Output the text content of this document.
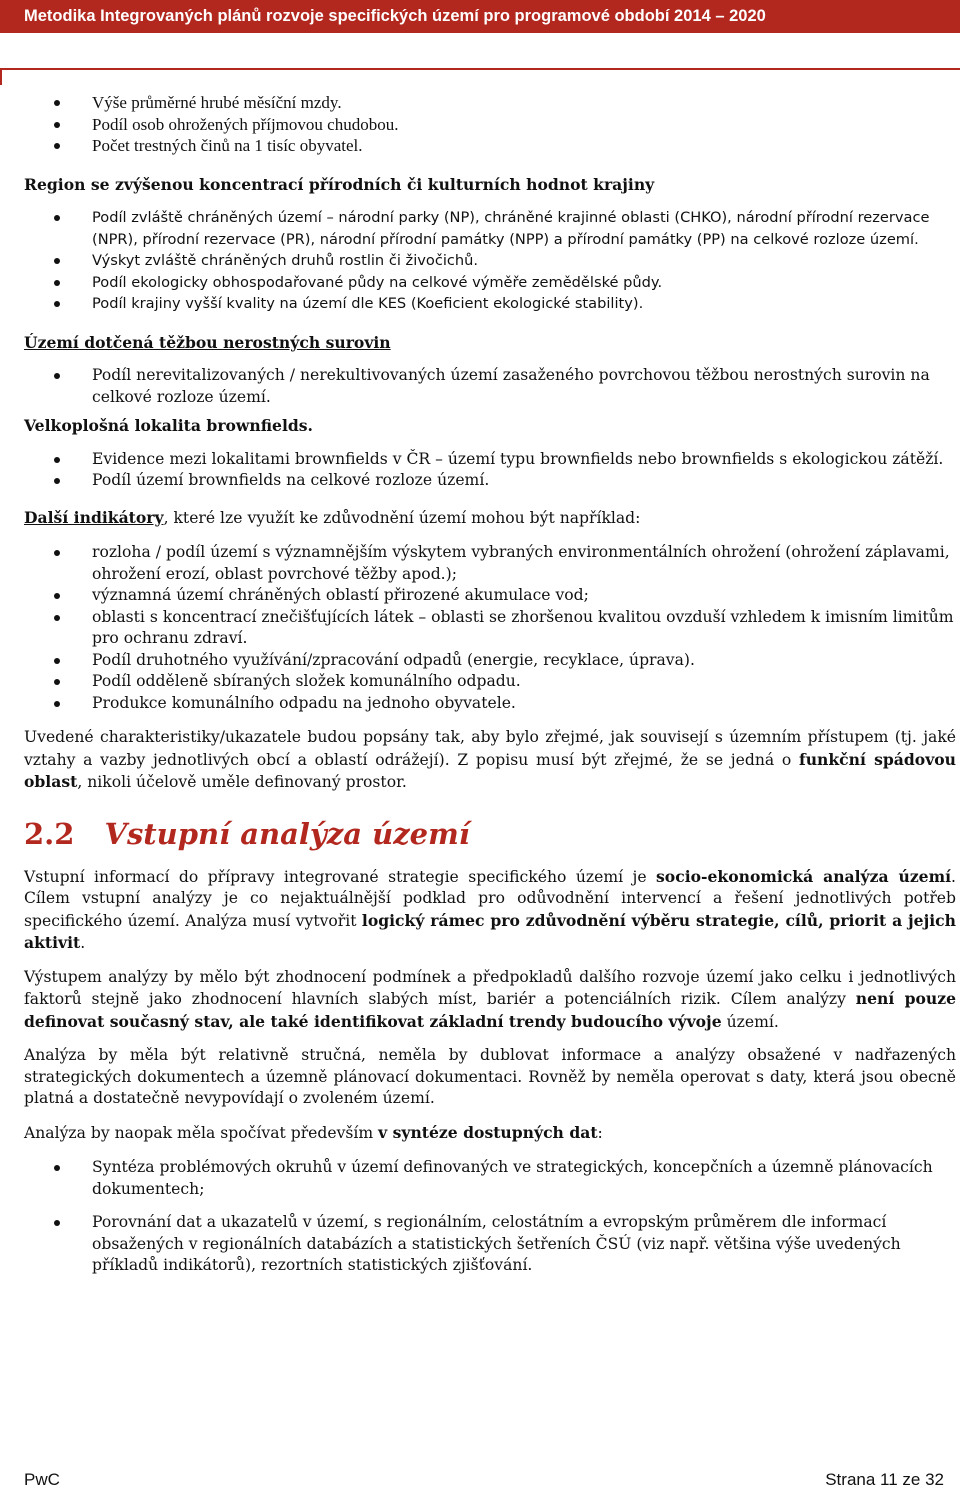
Metodika Integrovaných plánů rozvoje specifických území pro programové období 2014 – 2020
Výše průměrné hrubé měsíční mzdy.
Podíl osob ohrožených příjmovou chudobou.
Počet trestných činů na 1 tisíc obyvatel.

Region se zvýšenou koncentrací přírodních či kulturních hodnot krajiny

Podíl zvláště chráněných území – národní parky (NP), chráněné krajinné oblasti (CHKO), národní přírodní rezervace (NPR), přírodní rezervace (PR), národní přírodní památky (NPP) a přírodní památky (PP) na celkové rozloze území.
Výskyt zvláště chráněných druhů rostlin či živočichů.
Podíl ekologicky obhospodařované půdy na celkové výměře zemědělské půdy.
Podíl krajiny vyšší kvality na území dle KES (Koeficient ekologické stability).

Území dotčená těžbou nerostných surovin

Podíl nerevitalizovaných / nerekultivovaných území zasaženého povrchovou těžbou nerostných surovin na celkové rozloze území.

Velkoplošná lokalita brownfields.

Evidence mezi lokalitami brownfields v ČR – území typu brownfields nebo brownfields s ekologickou zátěží.
Podíl území brownfields na celkové rozloze území.

Další indikátory, které lze využít ke zdůvodnění území mohou být například:

rozloha / podíl území s významnějším výskytem vybraných environmentálních ohrožení (ohrožení záplavami, ohrožení erozí, oblast povrchové těžby apod.);
významná území chráněných oblastí přirozené akumulace vod;
oblasti s koncentrací znečišťujících látek – oblasti se zhoršenou kvalitou ovzduší vzhledem k imisním limitům pro ochranu zdraví.
Podíl druhotného využívání/zpracování odpadů (energie, recyklace, úprava).
Podíl odděleně sbíraných složek komunálního odpadu.
Produkce komunálního odpadu na jednoho obyvatele.

Uvedené charakteristiky/ukazatele budou popsány tak, aby bylo zřejmé, jak souvisejí s územním přístupem (tj. jaké vztahy a vazby jednotlivých obcí a oblastí odrážejí). Z popisu musí být zřejmé, že se jedná o funkční spádovou oblast, nikoli účelově uměle definovaný prostor.

2.2 Vstupní analýza území

Vstupní informací do přípravy integrované strategie specifického území je socio-ekonomická analýza území. Cílem vstupní analýzy je co nejaktuálnější podklad pro odůvodnění intervencí a řešení jednotlivých potřeb specifického území. Analýza musí vytvořit logický rámec pro zdůvodnění výběru strategie, cílů, priorit a jejich aktivit.

Výstupem analýzy by mělo být zhodnocení podmínek a předpokladů dalšího rozvoje území jako celku i jednotlivých faktorů stejně jako zhodnocení hlavních slabých míst, bariér a potenciálních rizik. Cílem analýzy není pouze definovat současný stav, ale také identifikovat základní trendy budoucího vývoje území.

Analýza by měla být relativně stručná, neměla by dublovat informace a analýzy obsažené v nadřazených strategických dokumentech a územně plánovací dokumentaci. Rovněž by neměla operovat s daty, která jsou obecně platná a dostatečně nevypovídají o zvoleném území.

Analýza by naopak měla spočívat především v syntéze dostupných dat:

Syntéza problémových okruhů v území definovaných ve strategických, koncepčních a územně plánovacích dokumentech;
Porovnání dat a ukazatelů v území, s regionálním, celostátním a evropským průměrem dle informací obsažených v regionálních databázích a statistických šetřeních ČSÚ (viz např. většina výše uvedených příkladů indikátorů), rezortních statistických zjišťování.
PwC	Strana 11 ze 32
